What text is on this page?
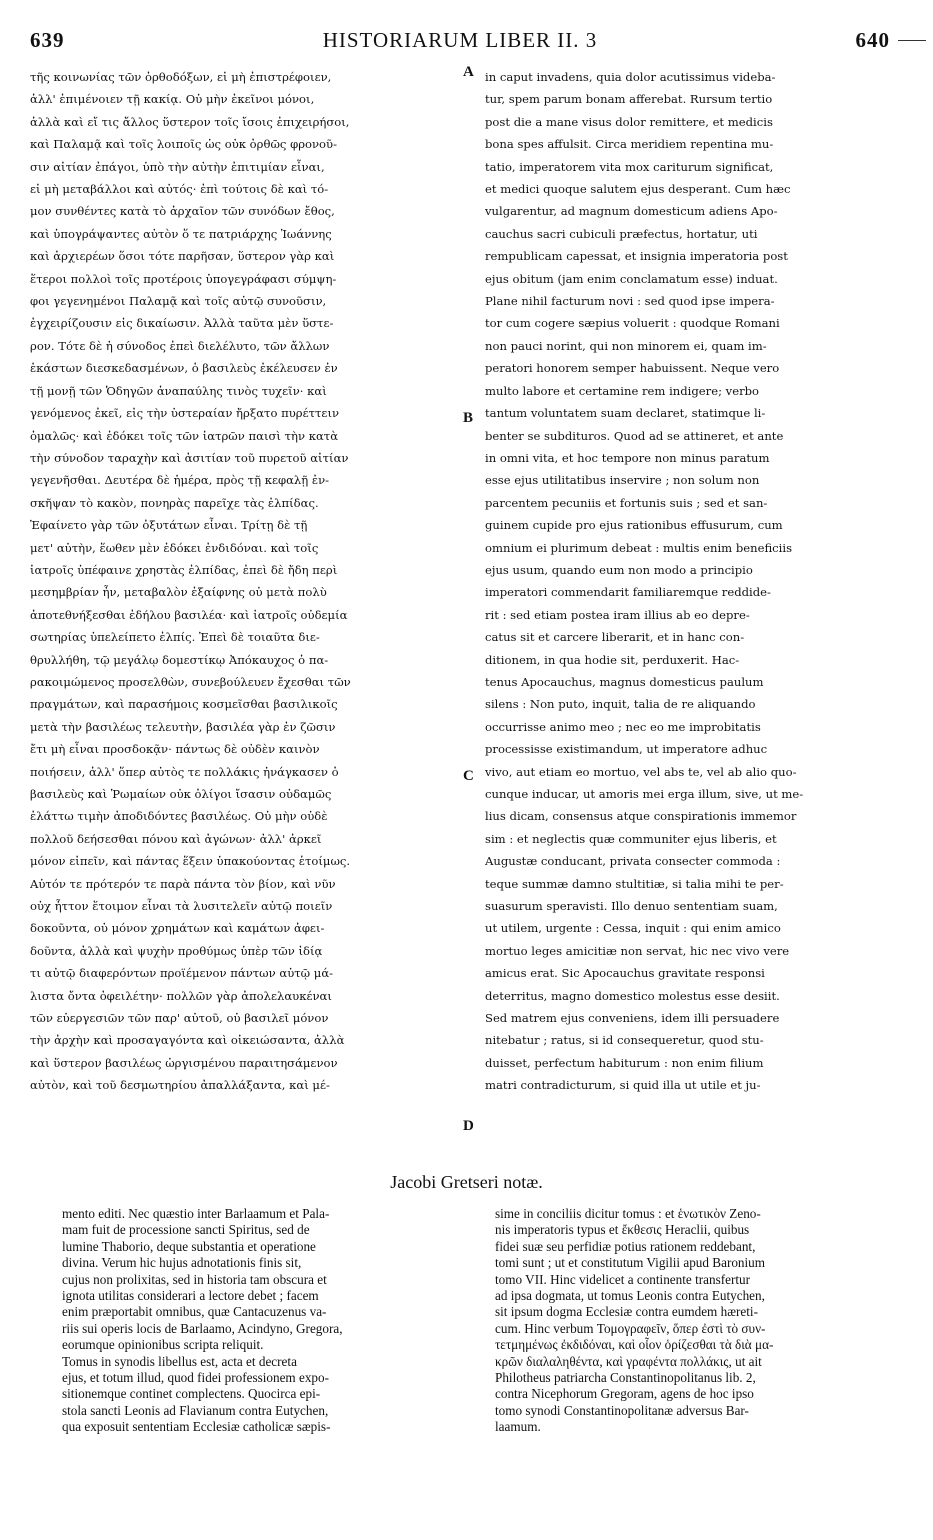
639	HISTORIARUM LIBER II. 3	640
τῆς κοινωνίας τῶν ὀρθοδόξων, εἰ μὴ ἐπιστρέφοιεν,
ἀλλ' ἐπιμένοιεν τῇ κακίᾳ. Οὐ μὴν ἐκεῖνοι μόνοι,
ἀλλὰ καὶ εἴ τις ἄλλος ὕστερον τοῖς ἴσοις ἐπιχειρήσοι,
καὶ Παλαμᾷ καὶ τοῖς λοιποῖς ὡς οὐκ ὀρθῶς φρονοῦ-
σιν αἰτίαν ἐπάγοι, ὑπὸ τὴν αὐτὴν ἐπιτιμίαν εἶναι,
εἰ μὴ μεταβάλλοι καὶ αὐτός· ἐπὶ τούτοις δὲ καὶ τό-
μον συνθέντες κατὰ τὸ ἀρχαῖον τῶν συνόδων ἔθος,
καὶ ὑπογράψαντες αὐτὸν ὅ τε πατριάρχης Ἰωάννης
καὶ ἀρχιερέων ὅσοι τότε παρῆσαν, ὕστερον γὰρ καὶ
ἕτεροι πολλοὶ τοῖς προτέροις ὑπογεγράφασι σύμψη-
φοι γεγενημένοι Παλαμᾷ καὶ τοῖς αὐτῷ συνοῦσιν,
ἐγχειρίζουσιν εἰς δικαίωσιν. Ἀλλὰ ταῦτα μὲν ὕστε-
ρον. Τότε δὲ ἡ σύνοδος ἐπεὶ διελέλυτο, τῶν ἄλλων
ἑκάστων διεσκεδασμένων, ὁ βασιλεὺς ἐκέλευσεν ἐν
τῇ μονῇ τῶν Ὁδηγῶν ἀναπαύλης τινὸς τυχεῖν· καὶ
γενόμενος ἐκεῖ, εἰς τὴν ὑστεραίαν ἤρξατο πυρέττειν
ὁμαλῶς· καὶ ἐδόκει τοῖς τῶν ἰατρῶν παισὶ τὴν κατὰ
τὴν σύνοδον ταραχὴν καὶ ἀσιτίαν τοῦ πυρετοῦ αἰτίαν
γεγενῆσθαι. Δευτέρα δὲ ἡμέρα, πρὸς τῇ κεφαλῇ ἐν-
σκῆψαν τὸ κακὸν, πονηρὰς παρεῖχε τὰς ἐλπίδας.
Ἐφαίνετο γὰρ τῶν ὀξυτάτων εἶναι. Τρίτῃ δὲ τῇ
μετ' αὐτὴν, ἕωθεν μὲν ἐδόκει ἐνδιδόναι. καὶ τοῖς
ἰατροῖς ὑπέφαινε χρηστὰς ἐλπίδας, ἐπεὶ δὲ ἤδη περὶ
μεσημβρίαν ἦν, μεταβαλὸν ἐξαίφνης οὐ μετὰ πολὺ
ἀποτεθνήξεσθαι ἐδήλου βασιλέα· καὶ ἰατροῖς οὐδεμία
σωτηρίας ὑπελείπετο ἐλπίς. Ἐπεὶ δὲ τοιαῦτα διε-
θρυλλήθη, τῷ μεγάλῳ δομεστίκῳ Ἀπόκαυχος ὁ πα-
ρακοιμώμενος προσελθὼν, συνεβούλευεν ἔχεσθαι τῶν
πραγμάτων, καὶ παρασήμοις κοσμεῖσθαι βασιλικοῖς
μετὰ τὴν βασιλέως τελευτὴν, βασιλέα γὰρ ἐν ζῶσιν
ἔτι μὴ εἶναι προσδοκᾷν· πάντως δὲ οὐδὲν καινὸν
ποιήσειν, ἀλλ' ὅπερ αὐτὸς τε πολλάκις ἠνάγκασεν ὁ
βασιλεὺς καὶ Ῥωμαίων οὐκ ὀλίγοι ἴσασιν οὐδαμῶς
ἐλάττω τιμὴν ἀποδιδόντες βασιλέως. Οὐ μὴν οὐδὲ
πολλοῦ δεήσεσθαι πόνου καὶ ἀγώνων· ἀλλ' ἀρκεῖ
μόνον εἰπεῖν, καὶ πάντας ἕξειν ὑπακούοντας ἑτοίμως.
Αὐτόν τε πρότερόν τε παρὰ πάντα τὸν βίον, καὶ νῦν
οὐχ ἧττον ἕτοιμον εἶναι τὰ λυσιτελεῖν αὐτῷ ποιεῖν
δοκοῦντα, οὐ μόνον χρημάτων καὶ καμάτων ἀφει-
δοῦντα, ἀλλὰ καὶ ψυχὴν προθύμως ὑπὲρ τῶν ἰδίᾳ
τι αὐτῷ διαφερόντων προϊέμενον πάντων αὐτῷ μά-
λιστα ὄντα ὀφειλέτην· πολλῶν γὰρ ἀπολελαυκέναι
τῶν εὐεργεσιῶν τῶν παρ' αὐτοῦ, οὐ βασιλεῖ μόνον
τὴν ἀρχὴν καὶ προσαγαγόντα καὶ οἰκειώσαντα, ἀλλὰ
καὶ ὕστερον βασιλέως ὠργισμένου παραιτησάμενον
αὐτὸν, καὶ τοῦ δεσμωτηρίου ἀπαλλάξαντα, καὶ μέ-
in caput invadens, quia dolor acutissimus videba-
tur, spem parum bonam afferebat. Rursum tertio
post die a mane visus dolor remittere, et medicis
bona spes affulsit. Circa meridiem repentina mu-
tatio, imperatorem vita mox cariturum significat,
et medici quoque salutem ejus desperant. Cum hæc
vulgarentur, ad magnum domesticum adiens Apo-
cauchus sacri cubiculi præfectus, hortatur, uti
rempublicam capessat, et insignia imperatoria post
ejus obitum (jam enim conclamatum esse) induat.
Plane nihil facturum novi : sed quod ipse impera-
tor cum cogere sæpius voluerit : quodque Romani
non pauci norint, qui non minorem ei, quam im-
peratori honorem semper habuissent. Neque vero
multo labore et certamine rem indigere; verbo
tantum voluntatem suam declaret, statimque li-
benter se subdituros. Quod ad se attineret, et ante
in omni vita, et hoc tempore non minus paratum
esse ejus utilitatibus inservire ; non solum non
parcentem pecuniis et fortunis suis ; sed et san-
guinem cupide pro ejus rationibus effusurum, cum
omnium ei plurimum debeat : multis enim beneficiis
ejus usum, quando eum non modo a principio
imperatori commendarit familiaremque reddide-
rit : sed etiam postea iram illius ab eo depre-
catus sit et carcere liberarit, et in hanc con-
ditionem, in qua hodie sit, perduxerit. Hac-
tenus Apocauchus, magnus domesticus paulum
silens : Non puto, inquit, talia de re aliquando
occurrisse animo meo ; nec eo me improbitatis
processisse existimandum, ut imperatore adhuc
vivo, aut etiam eo mortuo, vel abs te, vel ab alio quo-
cunque inducar, ut amoris mei erga illum, sive, ut me-
lius dicam, consensus atque conspirationis immemor
sim : et neglectis quæ communiter ejus liberis, et
Augustæ conducant, privata consecter commoda :
teque summæ damno stultitiæ, si talia mihi te per-
suasurum speravisti. Illo denuo sententiam suam,
ut utilem, urgente : Cessa, inquit : qui enim amico
mortuo leges amicitiæ non servat, hic nec vivo vere
amicus erat. Sic Apocauchus gravitate responsi
deterritus, magno domestico molestus esse desiit.
Sed matrem ejus conveniens, idem illi persuadere
nitebatur ; ratus, si id consequeretur, quod stu-
duisset, perfectum habiturum : non enim filium
matri contradicturum, si quid illa ut utile et ju-
A
B
C
D
Jacobi Gretseri notæ.
mento editi. Nec quæstio inter Barlaamum et Pala-
mam fuit de processione sancti Spiritus, sed de
lumine Thaborio, deque substantia et operatione
divina. Verum hic hujus adnotationis finis sit,
cujus non prolixitas, sed in historia tam obscura et
ignota utilitas considerari a lectore debet ; facem
enim præportabit omnibus, quæ Cantacuzenus va-
riis sui operis locis de Barlaamo, Acindyno, Gregora,
eorumque opinionibus scripta reliquit.
Tomus in synodis libellus est, acta et decreta
ejus, et totum illud, quod fidei professionem expo-
sitionemque continet complectens. Quocirca epi-
stola sancti Leonis ad Flavianum contra Eutychen,
qua exposuit sententiam Ecclesiæ catholicæ sæpis-
sime in conciliis dicitur tomus : et ἑνωτικὸν Zeno-
nis imperatoris typus et ἔκθεσις Heraclii, quibus
fidei suæ seu perfidiæ potius rationem reddebant,
tomi sunt ; ut et constitutum Vigilii apud Baronium
tomo VII. Hinc videlicet a continente transfertur
ad ipsa dogmata, ut tomus Leonis contra Eutychen,
sit ipsum dogma Ecclesiæ contra eumdem hæreti-
cum. Hinc verbum Τομογραφεῖν, ὅπερ ἐστὶ τὸ συν-
τετμημένως ἐκδιδόναι, καὶ οἷον ὁρίζεσθαι τὰ διὰ μα-
κρῶν διαλαληθέντα, καὶ γραφέντα πολλάκις, ut ait
Philotheus patriarcha Constantinopolitanus lib. 2,
contra Nicephorum Gregoram, agens de hoc ipso
tomo synodi Constantinopolitanæ adversus Bar-
laamum.
